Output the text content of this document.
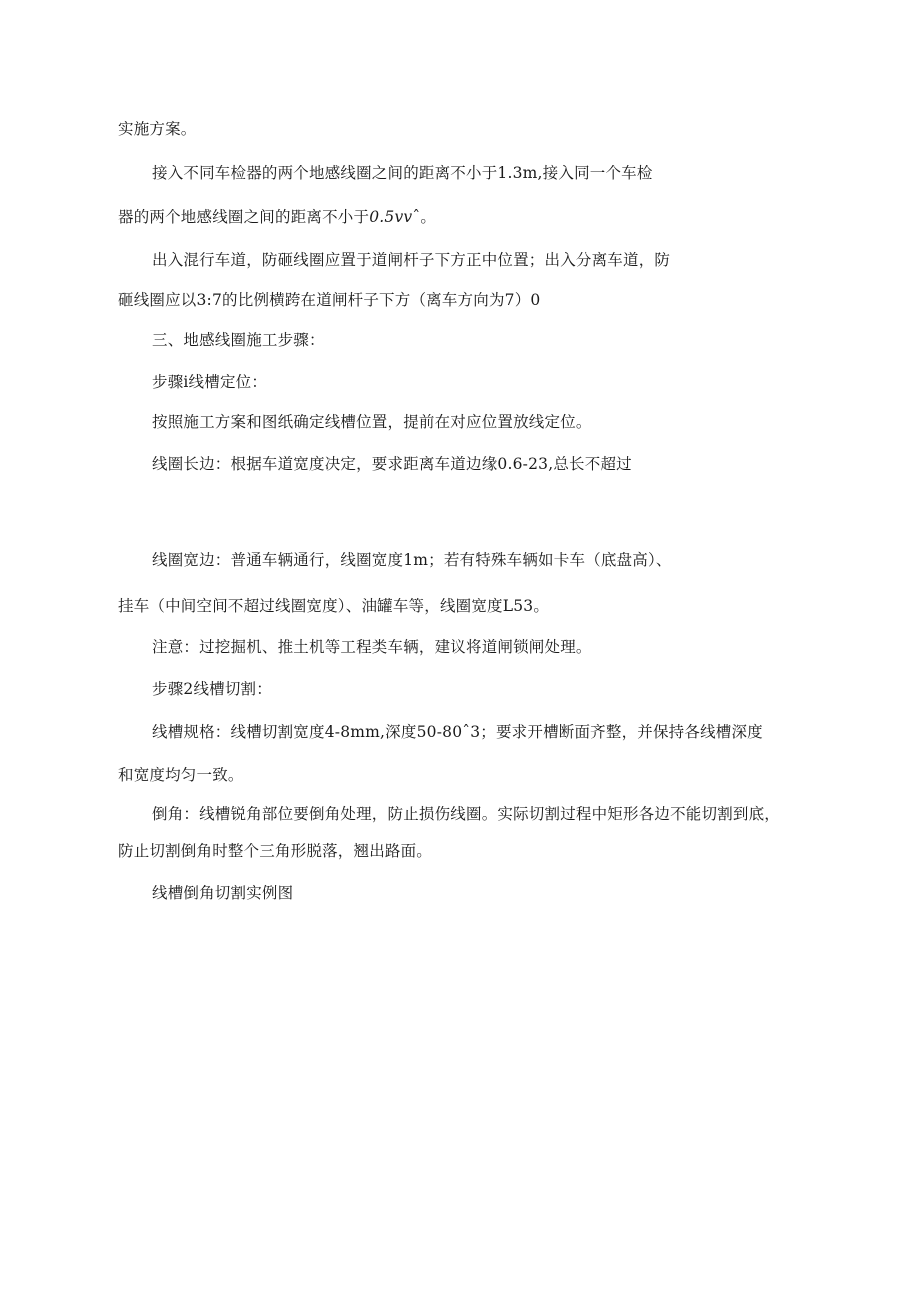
实施方案。
接入不同车检器的两个地感线圈之间的距离不小于1.3m,接入同一个车检
器的两个地感线圈之间的距离不小于0.5vvˆ。
出入混行车道，防砸线圈应置于道闸杆子下方正中位置；出入分离车道，防
砸线圈应以3:7的比例横跨在道闸杆子下方（离车方向为7）0
三、地感线圈施工步骤：
步骤i线槽定位：
按照施工方案和图纸确定线槽位置，提前在对应位置放线定位。
线圈长边：根据车道宽度决定，要求距离车道边缘0.6-23,总长不超过
线圈宽边：普通车辆通行，线圈宽度1m；若有特殊车辆如卡车（底盘高）、
挂车（中间空间不超过线圈宽度）、油罐车等，线圈宽度L53。
注意：过挖掘机、推土机等工程类车辆，建议将道闸锁闸处理。
步骤2线槽切割：
线槽规格：线槽切割宽度4-8mm,深度50-80ˆ3；要求开槽断面齐整，并保持各线槽深度
和宽度均匀一致。
倒角：线槽锐角部位要倒角处理，防止损伤线圈。实际切割过程中矩形各边不能切割到底，
防止切割倒角时整个三角形脱落，翘出路面。
线槽倒角切割实例图
